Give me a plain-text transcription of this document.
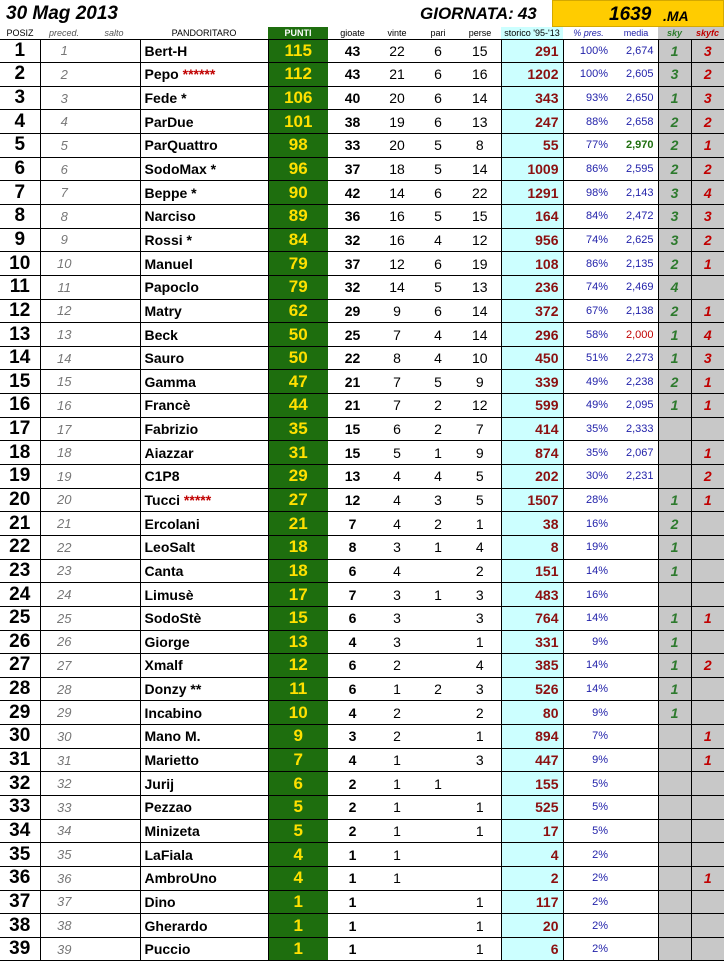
30 Mag 2013	GIORNATA: 43	1639 .MA
POSIZ	preced.	salto	PANDORITARO	PUNTI	gioate	vinte	pari	perse	storico '95-'13	% pres.	media	sky	skyfc
1	1		Bert-H	115	43	22	6	15	291	100%	2,674	1	3
2	2		Pepo ******	112	43	21	6	16	1202	100%	2,605	3	2
3	3		Fede *	106	40	20	6	14	343	93%	2,650	1	3
4	4		ParDue	101	38	19	6	13	247	88%	2,658	2	2
5	5		ParQuattro	98	33	20	5	8	55	77%	2,970	2	1
6	6		SodoMax *	96	37	18	5	14	1009	86%	2,595	2	2
7	7		Beppe *	90	42	14	6	22	1291	98%	2,143	3	4
8	8		Narciso	89	36	16	5	15	164	84%	2,472	3	3
9	9		Rossi *	84	32	16	4	12	956	74%	2,625	3	2
10	10		Manuel	79	37	12	6	19	108	86%	2,135	2	1
11	11		Papoclo	79	32	14	5	13	236	74%	2,469	4	
12	12		Matry	62	29	9	6	14	372	67%	2,138	2	1
13	13		Beck	50	25	7	4	14	296	58%	2,000	1	4
14	14		Sauro	50	22	8	4	10	450	51%	2,273	1	3
15	15		Gamma	47	21	7	5	9	339	49%	2,238	2	1
16	16		Francè	44	21	7	2	12	599	49%	2,095	1	1
17	17		Fabrizio	35	15	6	2	7	414	35%	2,333		
18	18		Aiazzar	31	15	5	1	9	874	35%	2,067		1
19	19		C1P8	29	13	4	4	5	202	30%	2,231		2
20	20		Tucci *****	27	12	4	3	5	1507	28%		1	1
21	21		Ercolani	21	7	4	2	1	38	16%		2	
22	22		LeoSalt	18	8	3	1	4	8	19%		1	
23	23		Canta	18	6	4		2	151	14%		1	
24	24		Limusè	17	7	3	1	3	483	16%			
25	25		SodoStè	15	6	3		3	764	14%		1	1
26	26		Giorge	13	4	3		1	331	9%		1	
27	27		Xmalf	12	6	2		4	385	14%		1	2
28	28		Donzy **	11	6	1	2	3	526	14%		1	
29	29		Incabino	10	4	2		2	80	9%		1	
30	30		Mano M.	9	3	2		1	894	7%			1
31	31		Marietto	7	4	1		3	447	9%			1
32	32		Jurij	6	2	1	1		155	5%			
33	33		Pezzao	5	2	1		1	525	5%			
34	34		Minizeta	5	2	1		1	17	5%			
35	35		LaFiala	4	1	1			4	2%			
36	36		AmbroUno	4	1	1			2	2%			1
37	37		Dino	1	1			1	117	2%			
38	38		Gherardo	1	1			1	20	2%			
39	39		Puccio	1	1			1	6	2%			
